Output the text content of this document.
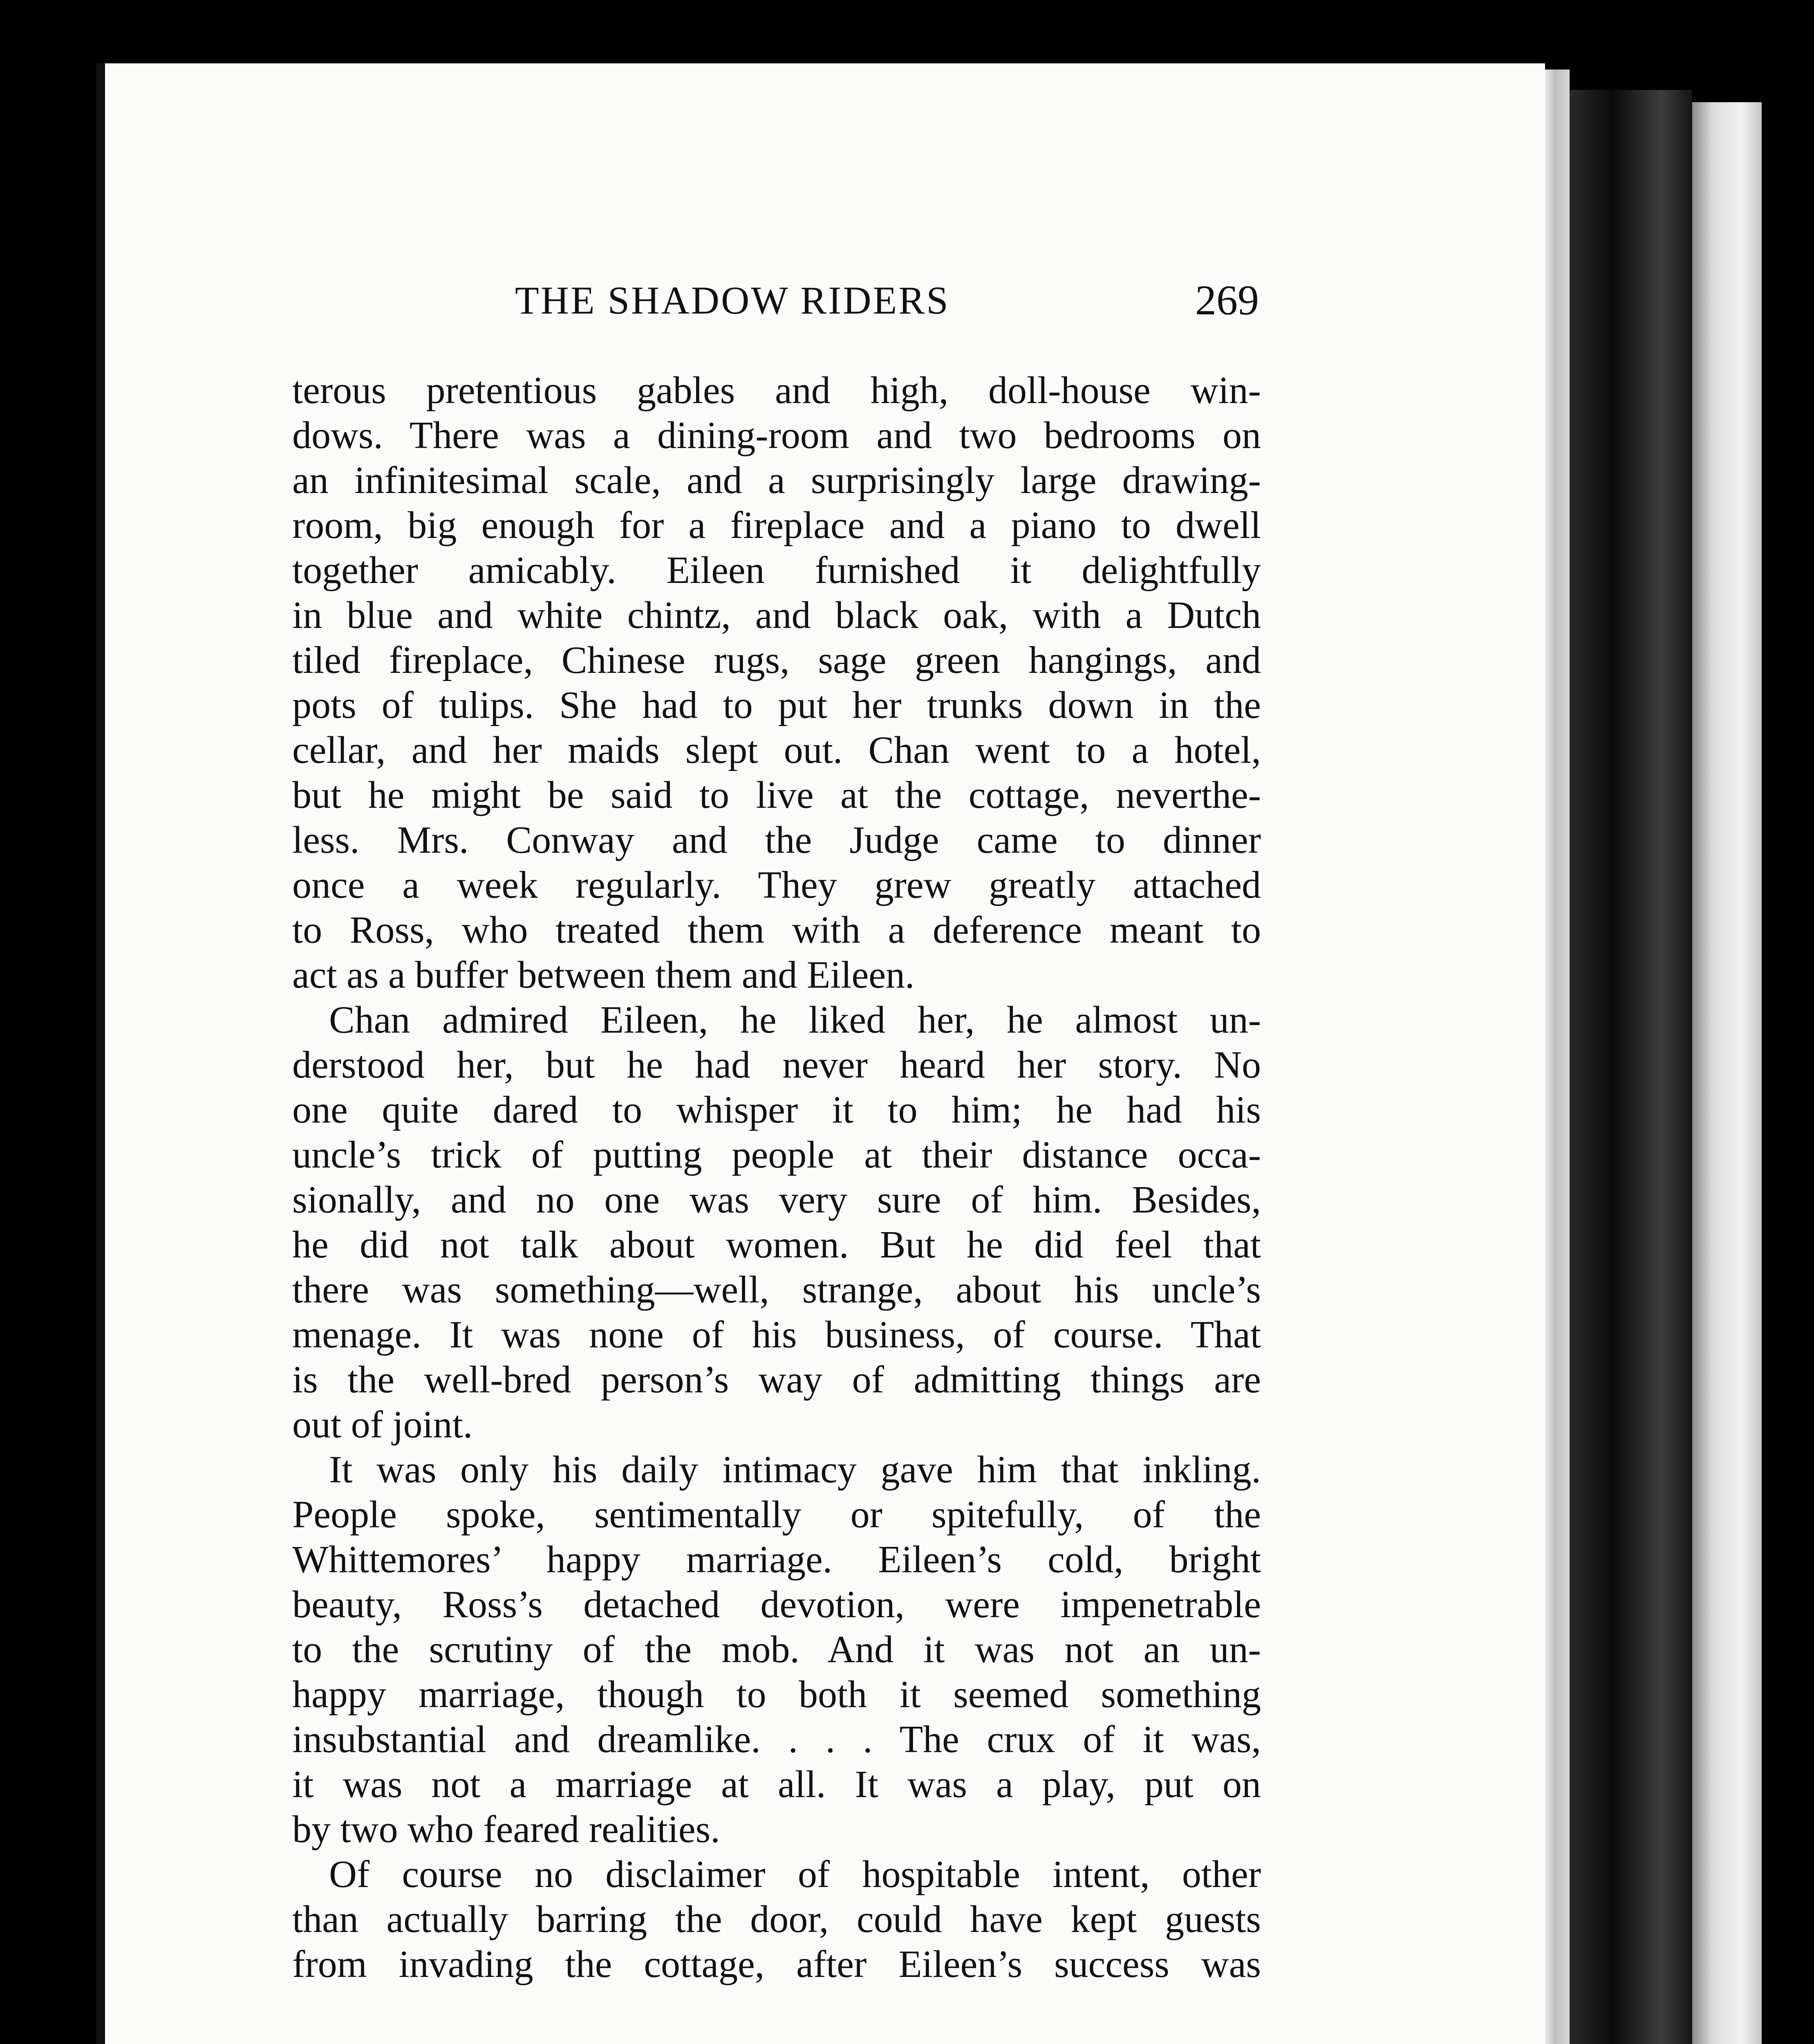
THE SHADOW RIDERS	269
terous pretentious gables and high, doll-house win-
dows. There was a dining-room and two bedrooms on
an infinitesimal scale, and a surprisingly large drawing-
room, big enough for a fireplace and a piano to dwell
together amicably. Eileen furnished it delightfully
in blue and white chintz, and black oak, with a Dutch
tiled fireplace, Chinese rugs, sage green hangings, and
pots of tulips. She had to put her trunks down in the
cellar, and her maids slept out. Chan went to a hotel,
but he might be said to live at the cottage, neverthe-
less. Mrs. Conway and the Judge came to dinner
once a week regularly. They grew greatly attached
to Ross, who treated them with a deference meant to
act as a buffer between them and Eileen.
Chan admired Eileen, he liked her, he almost un-
derstood her, but he had never heard her story. No
one quite dared to whisper it to him; he had his
uncle’s trick of putting people at their distance occa-
sionally, and no one was very sure of him. Besides,
he did not talk about women. But he did feel that
there was something—well, strange, about his uncle’s
menage. It was none of his business, of course. That
is the well-bred person’s way of admitting things are
out of joint.
It was only his daily intimacy gave him that inkling.
People spoke, sentimentally or spitefully, of the
Whittemores’ happy marriage. Eileen’s cold, bright
beauty, Ross’s detached devotion, were impenetrable
to the scrutiny of the mob. And it was not an un-
happy marriage, though to both it seemed something
insubstantial and dreamlike. . . . The crux of it was,
it was not a marriage at all. It was a play, put on
by two who feared realities.
Of course no disclaimer of hospitable intent, other
than actually barring the door, could have kept guests
from invading the cottage, after Eileen’s success was
